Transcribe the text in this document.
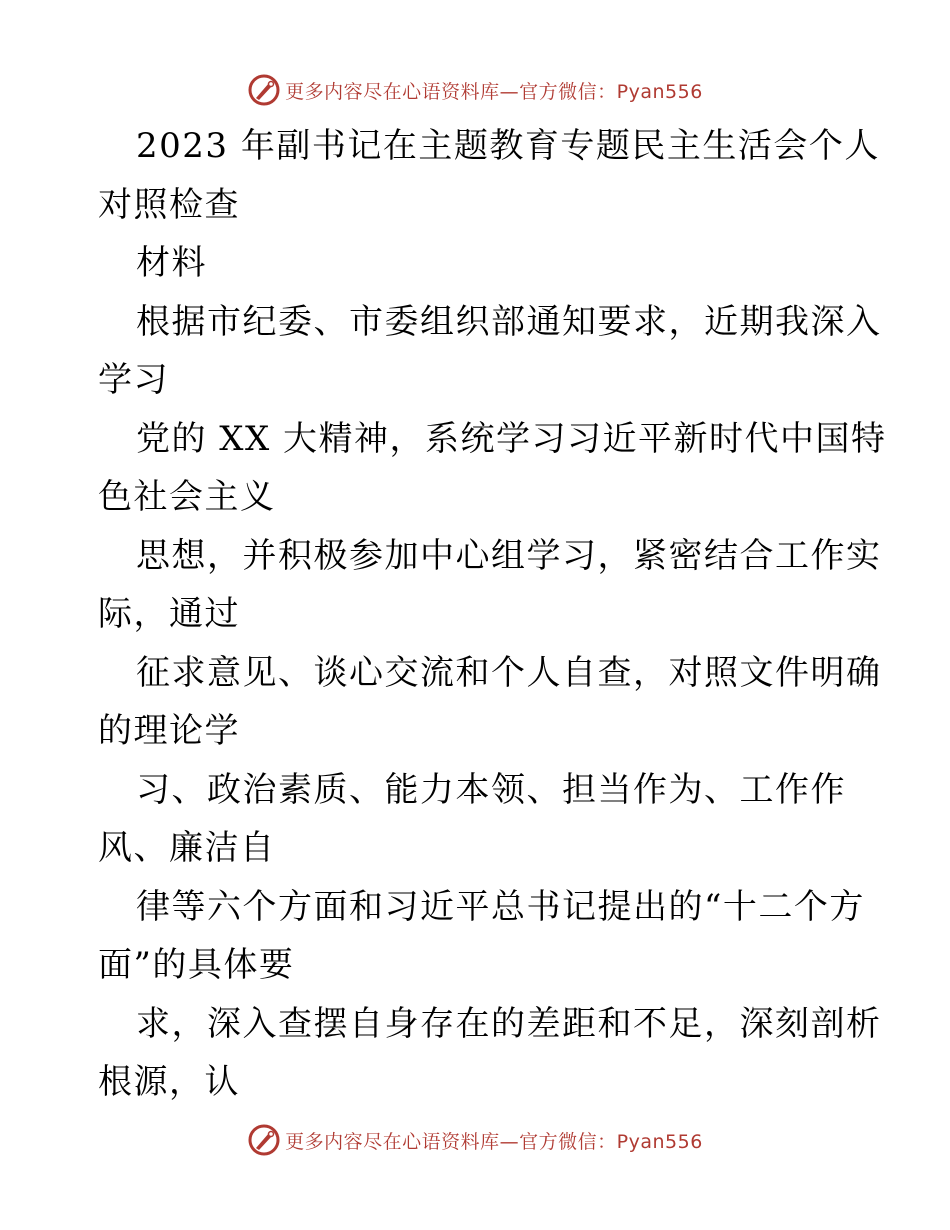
更多内容尽在心语资料库—官方微信：Pyan556
2023 年副书记在主题教育专题民主生活会个人
对照检查
材料
根据市纪委、市委组织部通知要求，近期我深入
学习
党的 XX 大精神，系统学习习近平新时代中国特
色社会主义
思想，并积极参加中心组学习，紧密结合工作实
际，通过
征求意见、谈心交流和个人自查，对照文件明确
的理论学
习、政治素质、能力本领、担当作为、工作作
风、廉洁自
律等六个方面和习近平总书记提出的“十二个方
面”的具体要
求，深入查摆自身存在的差距和不足，深刻剖析
根源，认
更多内容尽在心语资料库—官方微信：Pyan556
